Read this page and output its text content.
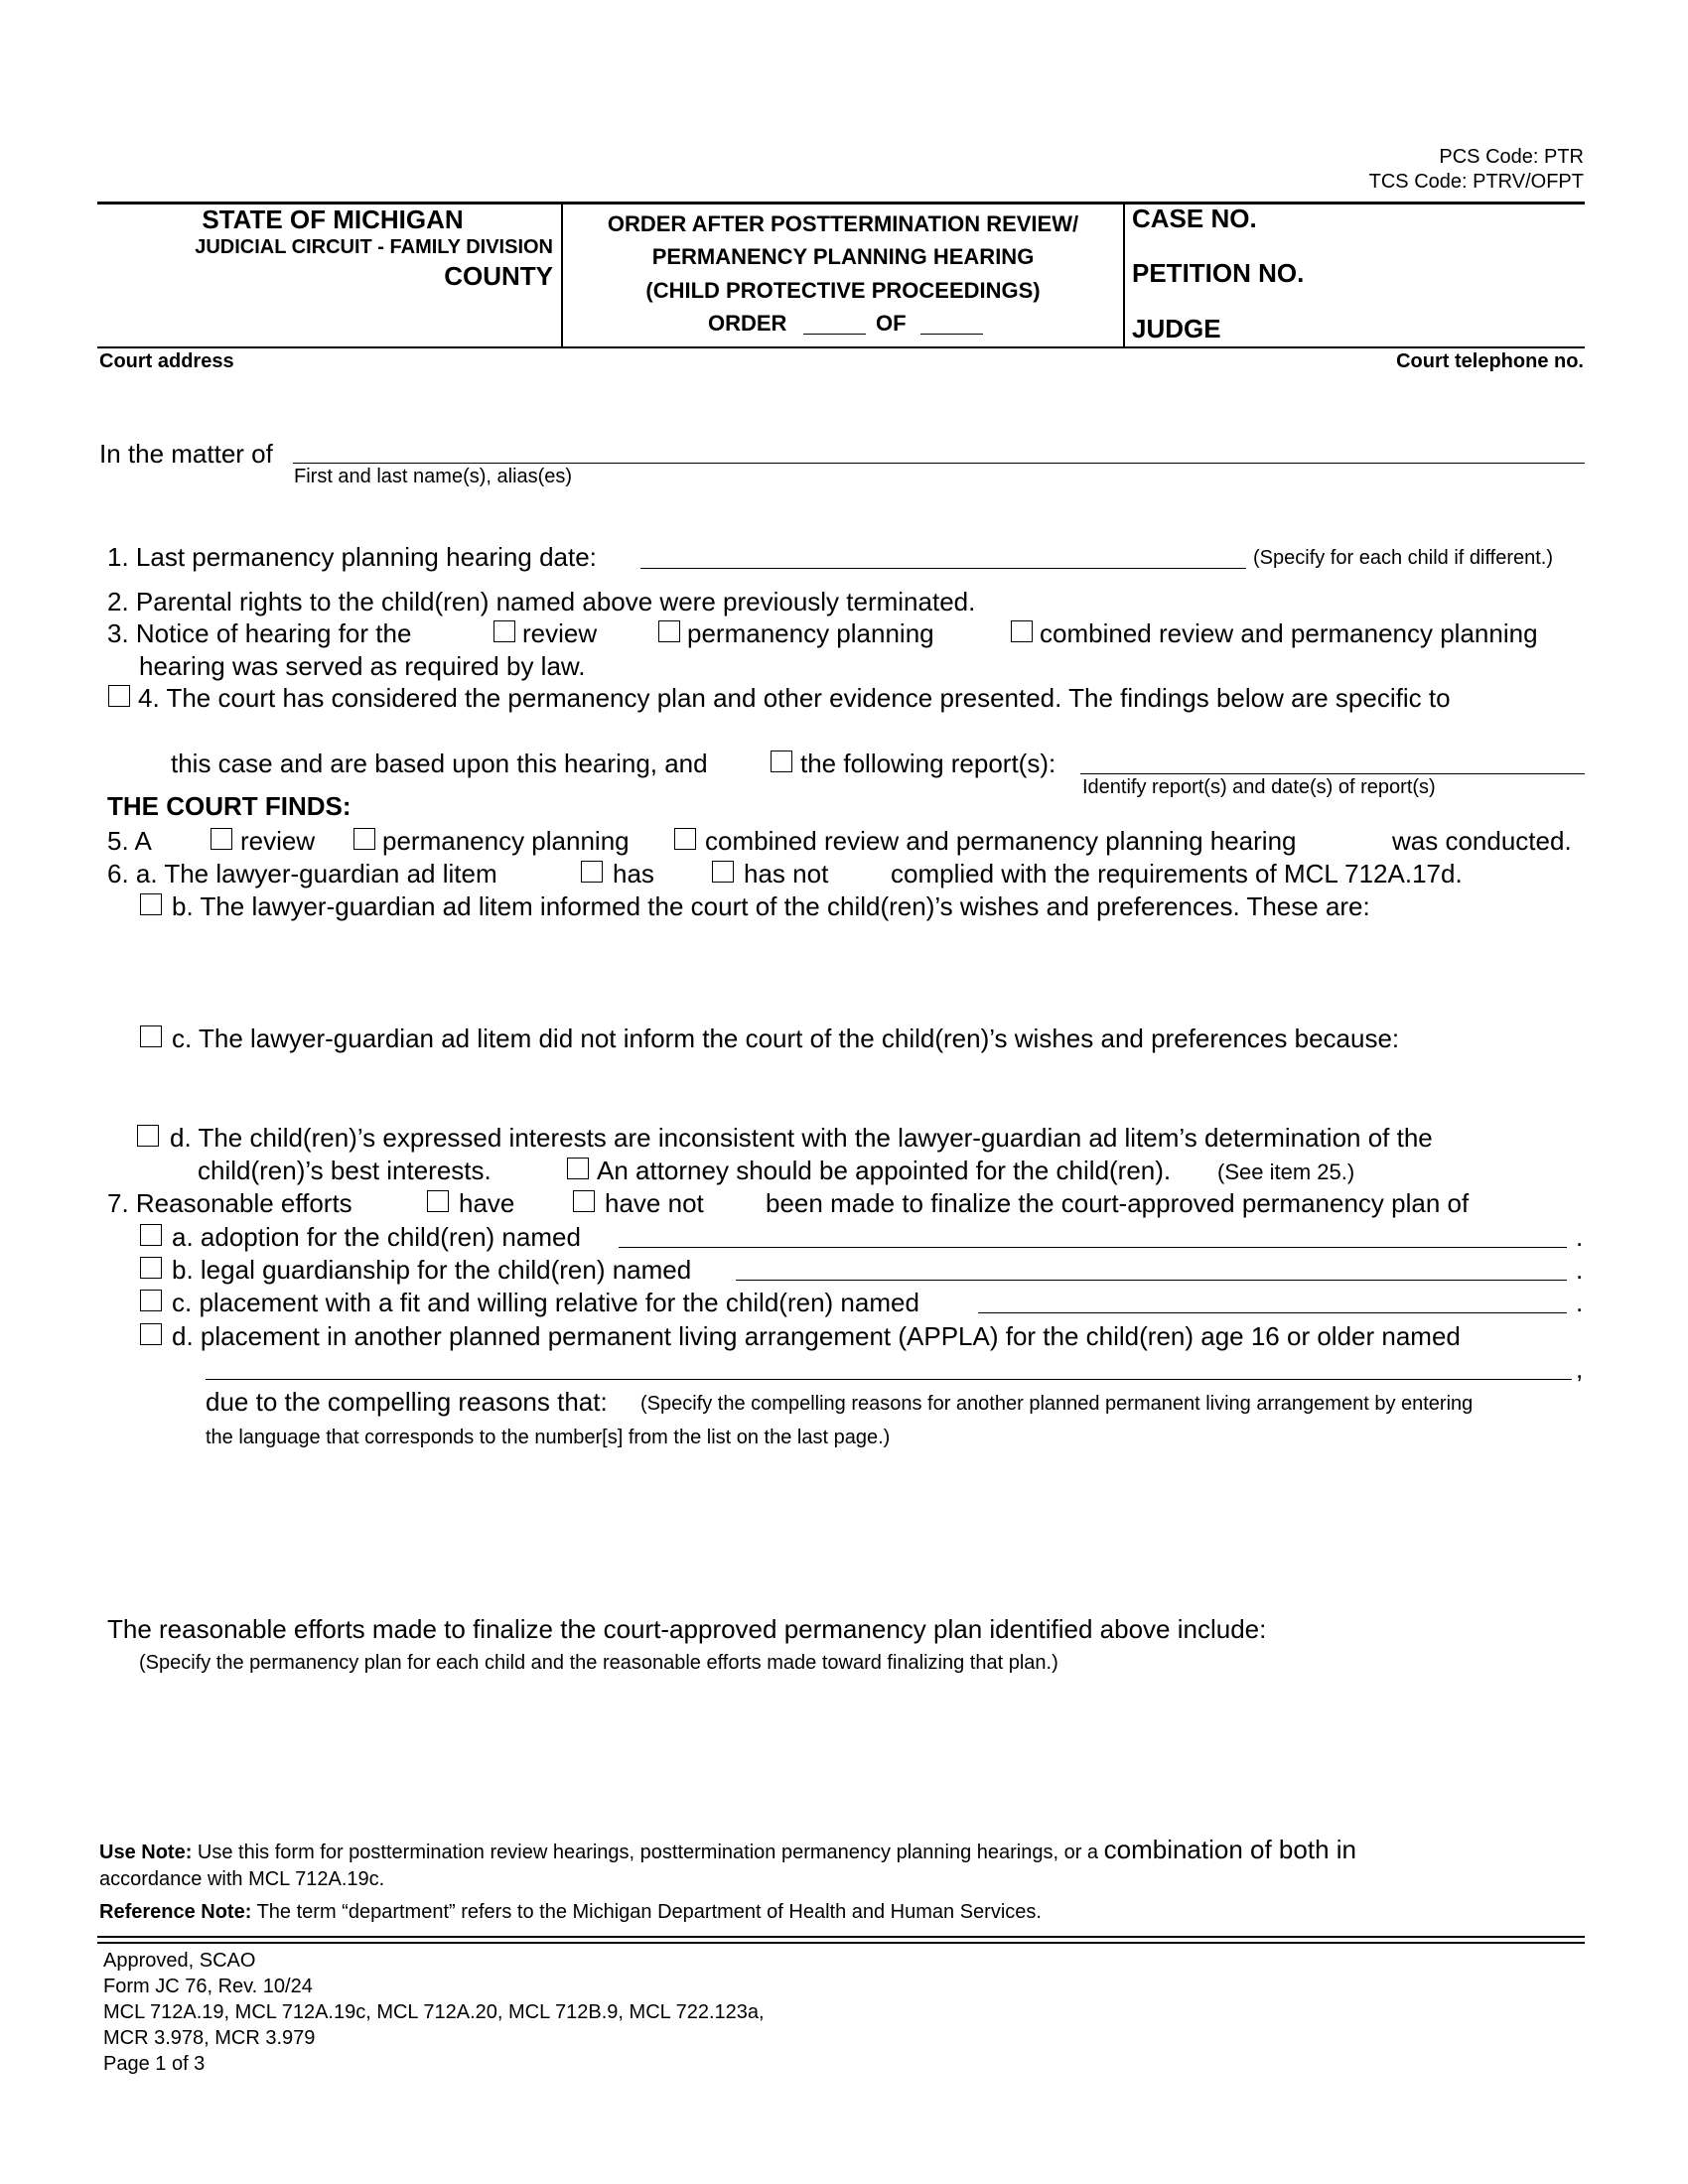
PCS Code: PTR
TCS Code: PTRV/OFPT
STATE OF MICHIGAN
JUDICIAL CIRCUIT - FAMILY DIVISION
COUNTY
ORDER AFTER POSTTERMINATION REVIEW/
PERMANENCY PLANNING HEARING
(CHILD PROTECTIVE PROCEEDINGS)
ORDER	OF
CASE NO.
PETITION NO.
JUDGE
Court address	Court telephone no.
In the matter of
First and last name(s), alias(es)
1. Last permanency planning hearing date:	(Specify for each child if different.)
2. Parental rights to the child(ren) named above were previously terminated.
3. Notice of hearing for the	review	permanency planning	combined review and permanency planning
hearing was served as required by law.
4. The court has considered the permanency plan and other evidence presented. The findings below are specific to
this case and are based upon this hearing, and	the following report(s):
Identify report(s) and date(s) of report(s)
THE COURT FINDS:
5. A	review	permanency planning	combined review and permanency planning hearing	was conducted.
6. a. The lawyer-guardian ad litem	has	has not complied with the requirements of MCL 712A.17d.
b. The lawyer-guardian ad litem informed the court of the child(ren)’s wishes and preferences. These are:
c. The lawyer-guardian ad litem did not inform the court of the child(ren)’s wishes and preferences because:
d. The child(ren)’s expressed interests are inconsistent with the lawyer-guardian ad litem’s determination of the
child(ren)’s best interests.	An attorney should be appointed for the child(ren). (See item 25.)
7. Reasonable efforts	have	have not been made to finalize the court-approved permanency plan of
a. adoption for the child(ren) named	.
b. legal guardianship for the child(ren) named	.
c. placement with a fit and willing relative for the child(ren) named	.
d. placement in another planned permanent living arrangement (APPLA) for the child(ren) age 16 or older named
,
due to the compelling reasons that: (Specify the compelling reasons for another planned permanent living arrangement by entering
the language that corresponds to the number[s] from the list on the last page.)
The reasonable efforts made to finalize the court-approved permanency plan identified above include:
(Specify the permanency plan for each child and the reasonable efforts made toward finalizing that plan.)
Use Note: Use this form for posttermination review hearings, posttermination permanency planning hearings, or a combination of both in
accordance with MCL 712A.19c.
Reference Note: The term “department” refers to the Michigan Department of Health and Human Services.
Approved, SCAO
Form JC 76, Rev. 10/24
MCL 712A.19, MCL 712A.19c, MCL 712A.20, MCL 712B.9, MCL 722.123a,
MCR 3.978, MCR 3.979
Page 1 of 3
